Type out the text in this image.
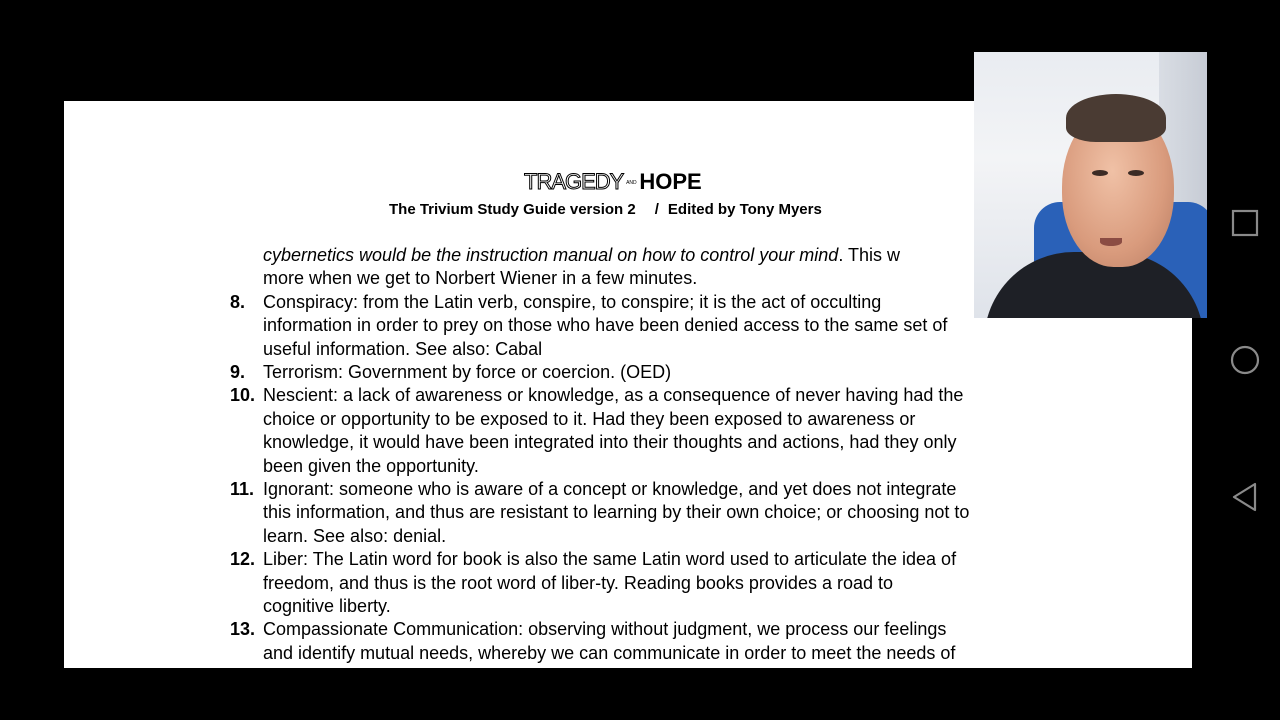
TRAGEDY AND HOPE
The Trivium Study Guide version 2 / Edited by Tony Myers
cybernetics would be the instruction manual on how to control your mind. This w
more when we get to Norbert Wiener in a few minutes.
8. Conspiracy: from the Latin verb, conspire, to conspire; it is the act of occulting
information in order to prey on those who have been denied access to the same set of
useful information. See also: Cabal
9. Terrorism: Government by force or coercion. (OED)
10. Nescient: a lack of awareness or knowledge, as a consequence of never having had the
choice or opportunity to be exposed to it. Had they been exposed to awareness or
knowledge, it would have been integrated into their thoughts and actions, had they only
been given the opportunity.
11. Ignorant: someone who is aware of a concept or knowledge, and yet does not integrate
this information, and thus are resistant to learning by their own choice; or choosing not to
learn. See also: denial.
12. Liber: The Latin word for book is also the same Latin word used to articulate the idea of
freedom, and thus is the root word of liber-ty. Reading books provides a road to
cognitive liberty.
13. Compassionate Communication: observing without judgment, we process our feelings
and identify mutual needs, whereby we can communicate in order to meet the needs of
